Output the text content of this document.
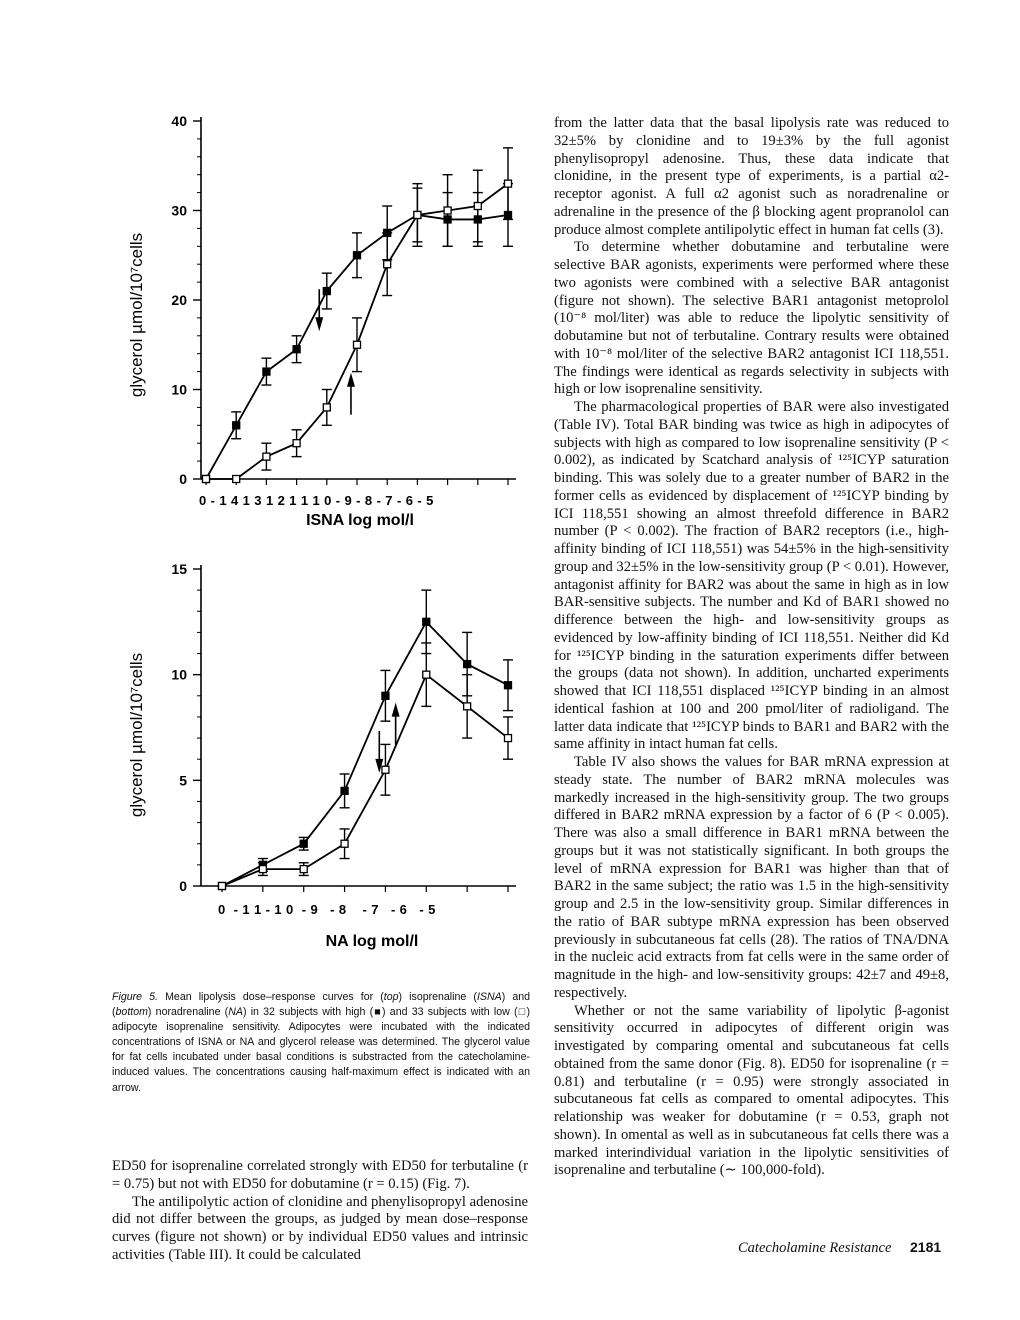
glycerol µmol/10⁷cells
0 - 1 4 1 3 1 2 1 1 1 0 - 9 - 8 - 7 - 6 - 5
ISNA log mol/l
0
10
20
30
40
glycerol µmol/10⁷cells
0  - 1 1 - 1 0  - 9   - 8    - 7   - 6   - 5
NA log mol/l
0
5
10
15
Figure 5. Mean lipolysis dose–response curves for (top) isoprenaline (ISNA) and (bottom) noradrenaline (NA) in 32 subjects with high (■) and 33 subjects with low (□) adipocyte isoprenaline sensitivity. Adipocytes were incubated with the indicated concentrations of ISNA or NA and glycerol release was determined. The glycerol value for fat cells incubated under basal conditions is substracted from the catecholamine-induced values. The concentrations causing half-maximum effect is indicated with an arrow.

ED50 for isoprenaline correlated strongly with ED50 for terbutaline (r = 0.75) but not with ED50 for dobutamine (r = 0.15) (Fig. 7).

The antilipolytic action of clonidine and phenylisopropyl adenosine did not differ between the groups, as judged by mean dose–response curves (figure not shown) or by individual ED50 values and intrinsic activities (Table III). It could be calculated

from the latter data that the basal lipolysis rate was reduced to 32±5% by clonidine and to 19±3% by the full agonist phenylisopropyl adenosine. Thus, these data indicate that clonidine, in the present type of experiments, is a partial α2-receptor agonist. A full α2 agonist such as noradrenaline or adrenaline in the presence of the β blocking agent propranolol can produce almost complete antilipolytic effect in human fat cells (3).

To determine whether dobutamine and terbutaline were selective BAR agonists, experiments were performed where these two agonists were combined with a selective BAR antagonist (figure not shown). The selective BAR1 antagonist metoprolol (10⁻⁸ mol/liter) was able to reduce the lipolytic sensitivity of dobutamine but not of terbutaline. Contrary results were obtained with 10⁻⁸ mol/liter of the selective BAR2 antagonist ICI 118,551. The findings were identical as regards selectivity in subjects with high or low isoprenaline sensitivity.

The pharmacological properties of BAR were also investigated (Table IV). Total BAR binding was twice as high in adipocytes of subjects with high as compared to low isoprenaline sensitivity (P < 0.002), as indicated by Scatchard analysis of ¹²⁵ICYP saturation binding. This was solely due to a greater number of BAR2 in the former cells as evidenced by displacement of ¹²⁵ICYP binding by ICI 118,551 showing an almost threefold difference in BAR2 number (P < 0.002). The fraction of BAR2 receptors (i.e., high-affinity binding of ICI 118,551) was 54±5% in the high-sensitivity group and 32±5% in the low-sensitivity group (P < 0.01). However, antagonist affinity for BAR2 was about the same in high as in low BAR-sensitive subjects. The number and Kd of BAR1 showed no difference between the high- and low-sensitivity groups as evidenced by low-affinity binding of ICI 118,551. Neither did Kd for ¹²⁵ICYP binding in the saturation experiments differ between the groups (data not shown). In addition, uncharted experiments showed that ICI 118,551 displaced ¹²⁵ICYP binding in an almost identical fashion at 100 and 200 pmol/liter of radioligand. The latter data indicate that ¹²⁵ICYP binds to BAR1 and BAR2 with the same affinity in intact human fat cells.

Table IV also shows the values for BAR mRNA expression at steady state. The number of BAR2 mRNA molecules was markedly increased in the high-sensitivity group. The two groups differed in BAR2 mRNA expression by a factor of 6 (P < 0.005). There was also a small difference in BAR1 mRNA between the groups but it was not statistically significant. In both groups the level of mRNA expression for BAR1 was higher than that of BAR2 in the same subject; the ratio was 1.5 in the high-sensitivity group and 2.5 in the low-sensitivity group. Similar differences in the ratio of BAR subtype mRNA expression has been observed previously in subcutaneous fat cells (28). The ratios of TNA/DNA in the nucleic acid extracts from fat cells were in the same order of magnitude in the high- and low-sensitivity groups: 42±7 and 49±8, respectively.

Whether or not the same variability of lipolytic β-agonist sensitivity occurred in adipocytes of different origin was investigated by comparing omental and subcutaneous fat cells obtained from the same donor (Fig. 8). ED50 for isoprenaline (r = 0.81) and terbutaline (r = 0.95) were strongly associated in subcutaneous fat cells as compared to omental adipocytes. This relationship was weaker for dobutamine (r = 0.53, graph not shown). In omental as well as in subcutaneous fat cells there was a marked interindividual variation in the lipolytic sensitivities of isoprenaline and terbutaline (∼ 100,000-fold).

Catecholamine Resistance 2181
